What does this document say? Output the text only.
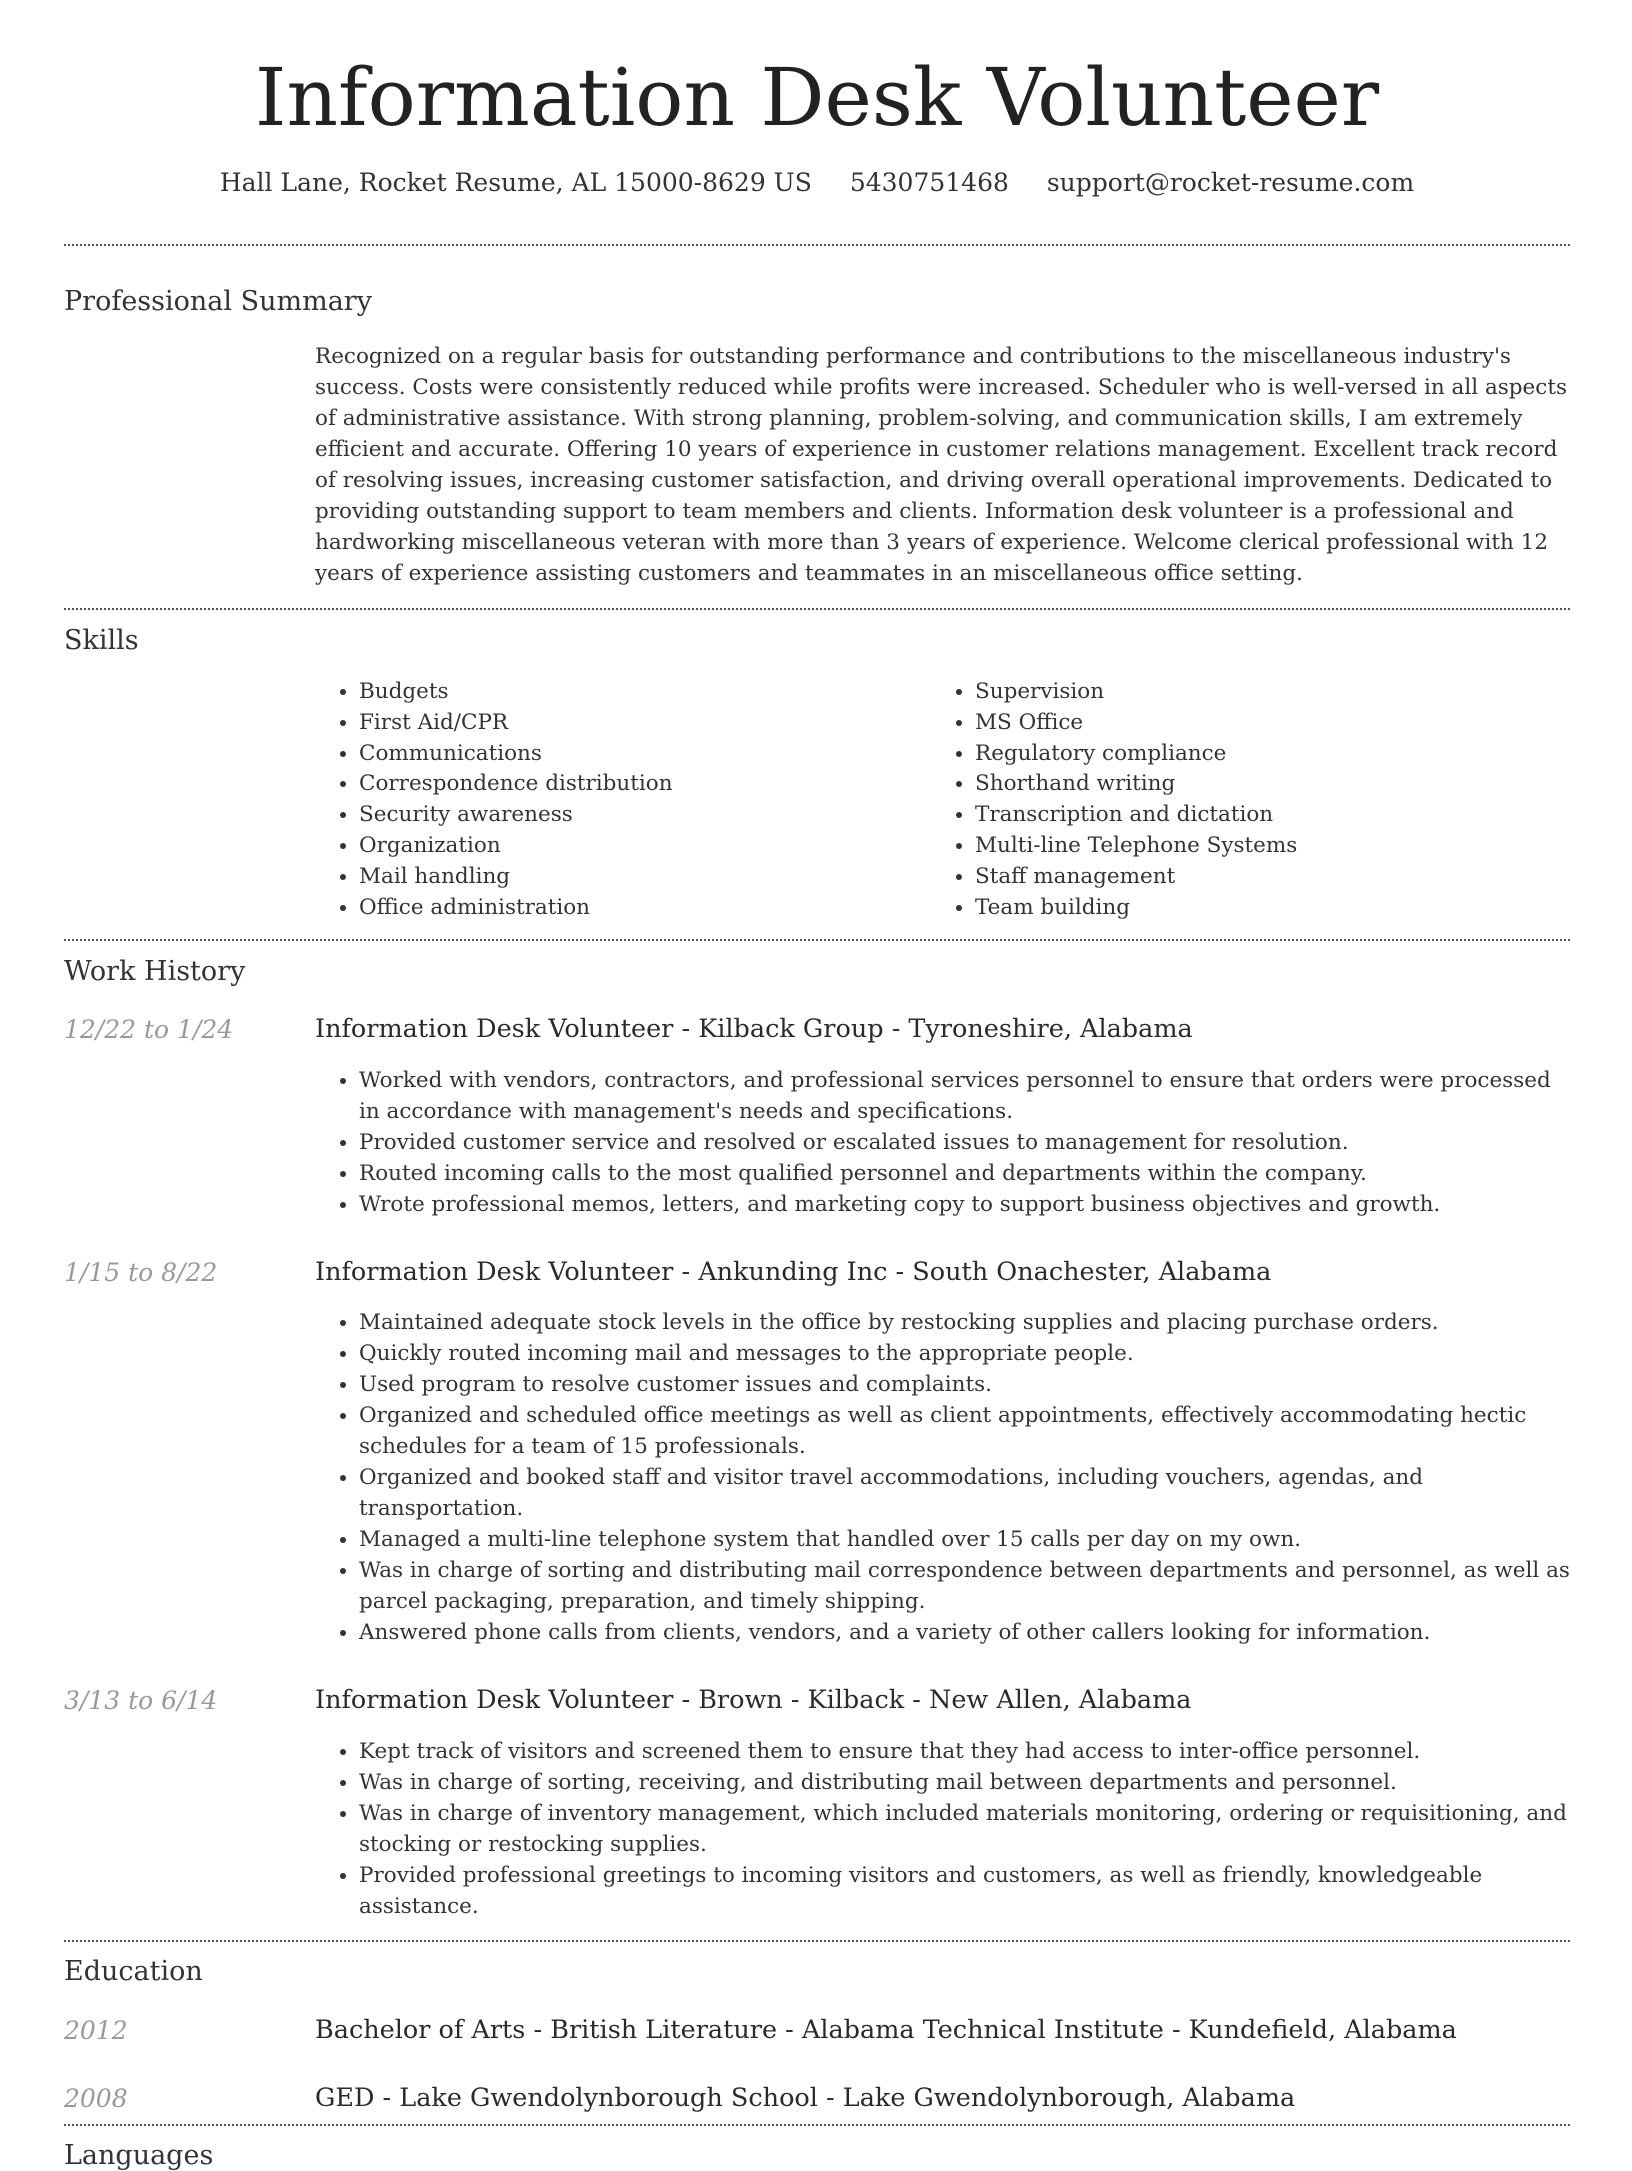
Information Desk Volunteer
Hall Lane, Rocket Resume, AL 15000-8629 US 5430751468 support@rocket-resume.com
Professional Summary
Recognized on a regular basis for outstanding performance and contributions to the miscellaneous industry's success. Costs were consistently reduced while profits were increased. Scheduler who is well-versed in all aspects of administrative assistance. With strong planning, problem-solving, and communication skills, I am extremely efficient and accurate. Offering 10 years of experience in customer relations management. Excellent track record of resolving issues, increasing customer satisfaction, and driving overall operational improvements. Dedicated to providing outstanding support to team members and clients. Information desk volunteer is a professional and hardworking miscellaneous veteran with more than 3 years of experience. Welcome clerical professional with 12 years of experience assisting customers and teammates in an miscellaneous office setting.
Skills
• Budgets
• First Aid/CPR
• Communications
• Correspondence distribution
• Security awareness
• Organization
• Mail handling
• Office administration
• Supervision
• MS Office
• Regulatory compliance
• Shorthand writing
• Transcription and dictation
• Multi-line Telephone Systems
• Staff management
• Team building
Work History
12/22 to 1/24	Information Desk Volunteer - Kilback Group - Tyroneshire, Alabama
• Worked with vendors, contractors, and professional services personnel to ensure that orders were processed in accordance with management's needs and specifications.
• Provided customer service and resolved or escalated issues to management for resolution.
• Routed incoming calls to the most qualified personnel and departments within the company.
• Wrote professional memos, letters, and marketing copy to support business objectives and growth.
1/15 to 8/22	Information Desk Volunteer - Ankunding Inc - South Onachester, Alabama
• Maintained adequate stock levels in the office by restocking supplies and placing purchase orders.
• Quickly routed incoming mail and messages to the appropriate people.
• Used program to resolve customer issues and complaints.
• Organized and scheduled office meetings as well as client appointments, effectively accommodating hectic schedules for a team of 15 professionals.
• Organized and booked staff and visitor travel accommodations, including vouchers, agendas, and transportation.
• Managed a multi-line telephone system that handled over 15 calls per day on my own.
• Was in charge of sorting and distributing mail correspondence between departments and personnel, as well as parcel packaging, preparation, and timely shipping.
• Answered phone calls from clients, vendors, and a variety of other callers looking for information.
3/13 to 6/14	Information Desk Volunteer - Brown - Kilback - New Allen, Alabama
• Kept track of visitors and screened them to ensure that they had access to inter-office personnel.
• Was in charge of sorting, receiving, and distributing mail between departments and personnel.
• Was in charge of inventory management, which included materials monitoring, ordering or requisitioning, and stocking or restocking supplies.
• Provided professional greetings to incoming visitors and customers, as well as friendly, knowledgeable assistance.
Education
2012	Bachelor of Arts - British Literature - Alabama Technical Institute - Kundefield, Alabama
2008	GED - Lake Gwendolynborough School - Lake Gwendolynborough, Alabama
Languages
